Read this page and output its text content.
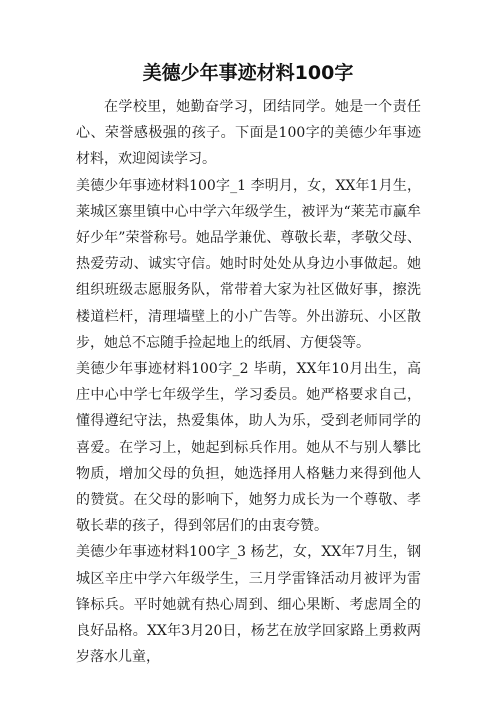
美德少年事迹材料100字

在学校里，她勤奋学习，团结同学。她是一个责任心、荣誉感极强的孩子。下面是100字的美德少年事迹材料，欢迎阅读学习。

美德少年事迹材料100字_1 李明月，女，XX年1月生，莱城区寨里镇中心中学六年级学生，被评为“莱芜市赢牟好少年”荣誉称号。她品学兼优、尊敬长辈，孝敬父母、热爱劳动、诚实守信。她时时处处从身边小事做起。她组织班级志愿服务队，常带着大家为社区做好事，擦洗楼道栏杆，清理墙壁上的小广告等。外出游玩、小区散步，她总不忘随手捡起地上的纸屑、方便袋等。

美德少年事迹材料100字_2 毕萌，XX年10月出生，高庄中心中学七年级学生，学习委员。她严格要求自己，懂得遵纪守法，热爱集体，助人为乐，受到老师同学的喜爱。在学习上，她起到标兵作用。她从不与别人攀比物质，增加父母的负担，她选择用人格魅力来得到他人的赞赏。在父母的影响下，她努力成长为一个尊敬、孝敬长辈的孩子，得到邻居们的由衷夸赞。

美德少年事迹材料100字_3 杨艺，女，XX年7月生，钢城区辛庄中学六年级学生，三月学雷锋活动月被评为雷锋标兵。平时她就有热心周到、细心果断、考虑周全的良好品格。XX年3月20日，杨艺在放学回家路上勇救两岁落水儿童，
